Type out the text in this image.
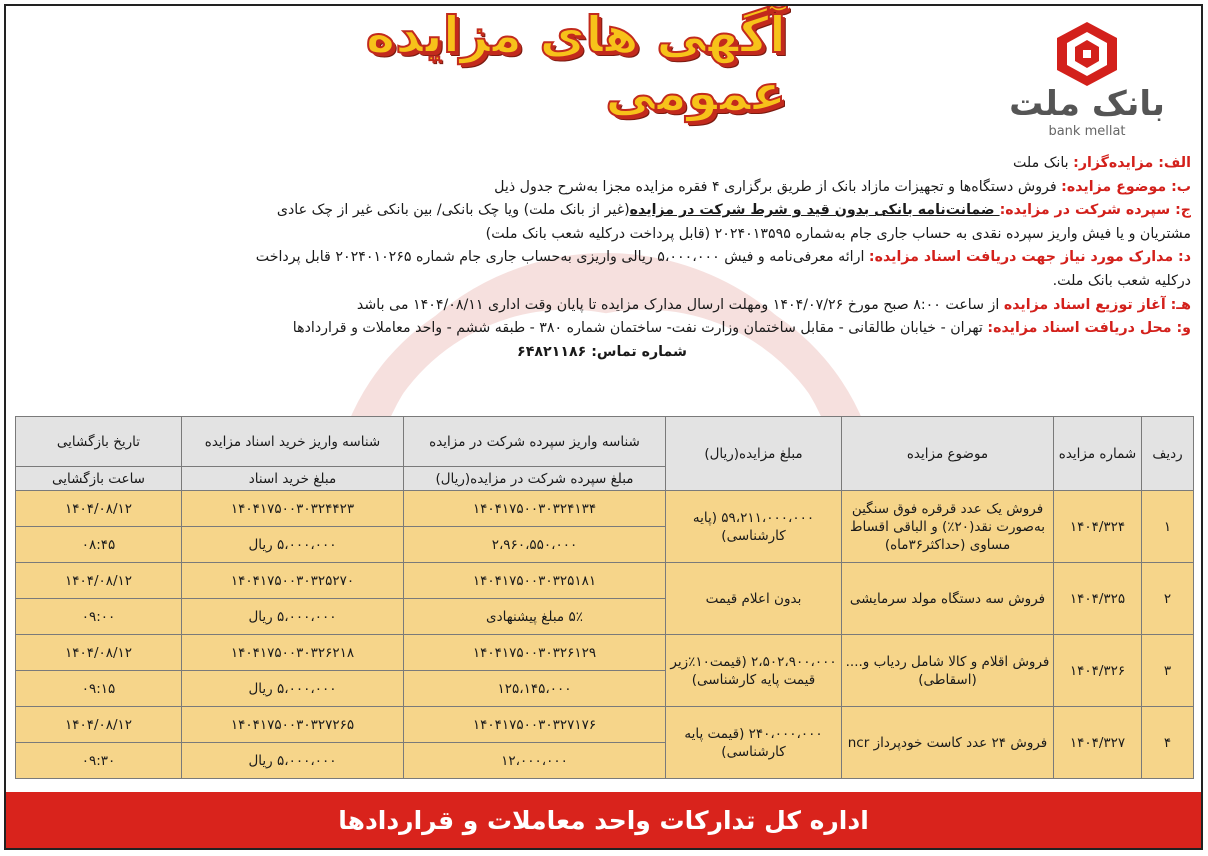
آگهی های مزایده عمومی	بانک ملت
bank mellat
الف: مزایده‌گزار: بانک ملت
ب: موضوع مزایده: فروش دستگاه‌ها و تجهیزات مازاد بانک از طریق برگزاری ۴ فقره مزایده مجزا به‌شرح جدول ذیل
ج: سپرده شرکت در مزایده: ضمانت‌نامه بانکی بدون قید و شرط شرکت در مزایده(غیر از بانک ملت) ویا چک بانکی/ بین بانکی غیر از چک عادی
مشتریان و یا فیش واریز سپرده نقدی به حساب جاری جام به‌شماره ۲۰۲۴۰۱۳۵۹۵ (قابل پرداخت درکلیه شعب بانک ملت)
د: مدارک مورد نیاز جهت دریافت اسناد مزایده: ارائه معرفی‌نامه و فیش ۵،۰۰۰،۰۰۰ ریالی واریزی به‌حساب جاری جام شماره ۲۰۲۴۰۱۰۲۶۵ قابل پرداخت
درکلیه شعب بانک ملت.
هـ: آغاز توزیع اسناد مزایده از ساعت ۸:۰۰ صبح مورخ ۱۴۰۴/۰۷/۲۶ ومهلت ارسال مدارک مزایده تا پایان وقت اداری ۱۴۰۴/۰۸/۱۱ می باشد
و: محل دریافت اسناد مزایده: تهران - خیابان طالقانی - مقابل ساختمان وزارت نفت- ساختمان شماره ۳۸۰ - طبقه ششم - واحد معاملات و قراردادها
شماره تماس: ۶۴۸۲۱۱۸۶
ردیف	شماره مزایده	موضوع مزایده	مبلغ مزایده(ریال)	شناسه واریز سپرده شرکت در مزایده	شناسه واریز خرید اسناد مزایده	تاریخ بازگشایی
				مبلغ سپرده شرکت در مزایده(ریال)	مبلغ خرید اسناد	ساعت بازگشایی
۱	۱۴۰۴/۳۲۴	فروش یک عدد قرقره فوق سنگین به‌صورت نقد(۲۰٪) و الباقی اقساط مساوی (حداکثر۳۶ماه)	۵۹،۲۱۱،۰۰۰،۰۰۰ (پایه کارشناسی)	۱۴۰۴۱۷۵۰۰۳۰۳۲۴۱۳۴	۱۴۰۴۱۷۵۰۰۳۰۳۲۴۴۲۳	۱۴۰۴/۰۸/۱۲
				۲،۹۶۰،۵۵۰،۰۰۰	۵،۰۰۰،۰۰۰ ریال	۰۸:۴۵
۲	۱۴۰۴/۳۲۵	فروش سه دستگاه مولد سرمایشی	بدون اعلام قیمت	۱۴۰۴۱۷۵۰۰۳۰۳۲۵۱۸۱	۱۴۰۴۱۷۵۰۰۳۰۳۲۵۲۷۰	۱۴۰۴/۰۸/۱۲
				۵٪ مبلغ پیشنهادی	۵،۰۰۰،۰۰۰ ریال	۰۹:۰۰
۳	۱۴۰۴/۳۲۶	فروش اقلام و کالا شامل ردیاب و.... (اسقاطی)	۲،۵۰۲،۹۰۰،۰۰۰ (قیمت۱۰٪زیر قیمت پایه کارشناسی)	۱۴۰۴۱۷۵۰۰۳۰۳۲۶۱۲۹	۱۴۰۴۱۷۵۰۰۳۰۳۲۶۲۱۸	۱۴۰۴/۰۸/۱۲
				۱۲۵،۱۴۵،۰۰۰	۵،۰۰۰،۰۰۰ ریال	۰۹:۱۵
۴	۱۴۰۴/۳۲۷	فروش ۲۴ عدد کاست خودپرداز ncr	۲۴۰،۰۰۰،۰۰۰ (قیمت پایه کارشناسی)	۱۴۰۴۱۷۵۰۰۳۰۳۲۷۱۷۶	۱۴۰۴۱۷۵۰۰۳۰۳۲۷۲۶۵	۱۴۰۴/۰۸/۱۲
				۱۲،۰۰۰،۰۰۰	۵،۰۰۰،۰۰۰ ریال	۰۹:۳۰
اداره کل تدارکات واحد معاملات و قراردادها
